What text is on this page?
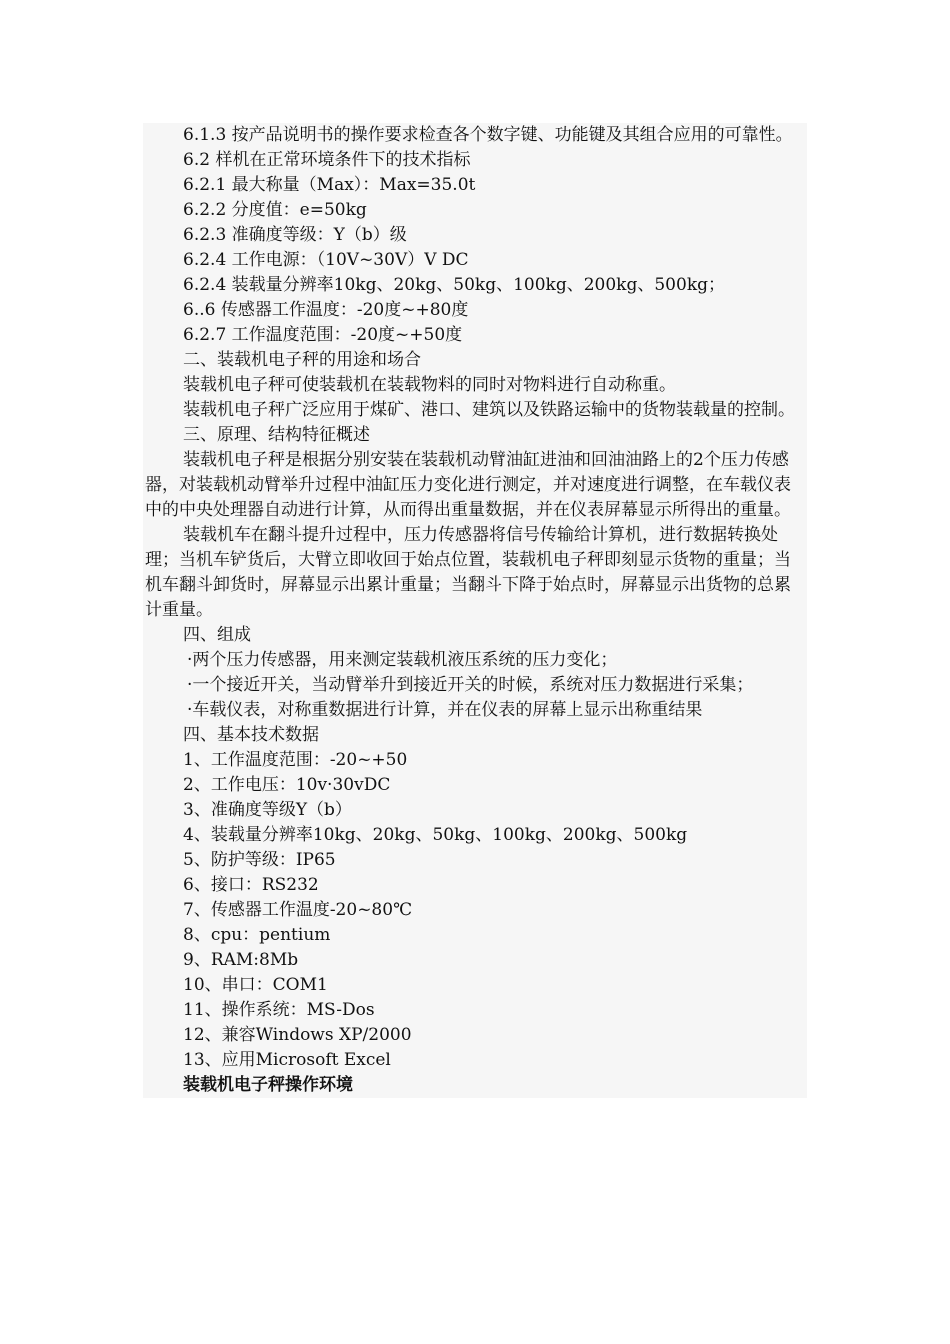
6.1.3 按产品说明书的操作要求检查各个数字键、功能键及其组合应用的可靠性。

6.2 样机在正常环境条件下的技术指标

6.2.1 最大称量（Max）：Max=35.0t

6.2.2 分度值：e=50kg

6.2.3 准确度等级：Y（b）级

6.2.4 工作电源：（10V~30V）V DC

6.2.4 装载量分辨率10kg、20kg、50kg、100kg、200kg、500kg；

6..6 传感器工作温度：-20度~+80度

6.2.7 工作温度范围：-20度~+50度

二、装载机电子秤的用途和场合

装载机电子秤可使装载机在装载物料的同时对物料进行自动称重。

装载机电子秤广泛应用于煤矿、港口、建筑以及铁路运输中的货物装载量的控制。

三、原理、结构特征概述

装载机电子秤是根据分别安装在装载机动臂油缸进油和回油油路上的2个压力传感器，对装载机动臂举升过程中油缸压力变化进行测定，并对速度进行调整，在车载仪表中的中央处理器自动进行计算，从而得出重量数据，并在仪表屏幕显示所得出的重量。

装载机车在翻斗提升过程中，压力传感器将信号传输给计算机，进行数据转换处理；当机车铲货后，大臂立即收回于始点位置，装载机电子秤即刻显示货物的重量；当机车翻斗卸货时，屏幕显示出累计重量；当翻斗下降于始点时，屏幕显示出货物的总累计重量。

四、组成

·两个压力传感器，用来测定装载机液压系统的压力变化；

·一个接近开关，当动臂举升到接近开关的时候，系统对压力数据进行采集；

·车载仪表，对称重数据进行计算，并在仪表的屏幕上显示出称重结果

四、基本技术数据

1、工作温度范围：-20~+50

2、工作电压：10v·30vDC

3、准确度等级Y（b）

4、装载量分辨率10kg、20kg、50kg、100kg、200kg、500kg

5、防护等级：IP65

6、接口：RS232

7、传感器工作温度-20~80℃

8、cpu：pentium

9、RAM:8Mb

10、串口：COM1

11、操作系统：MS-Dos

12、兼容Windows XP/2000

13、应用Microsoft Excel

装载机电子秤操作环境
